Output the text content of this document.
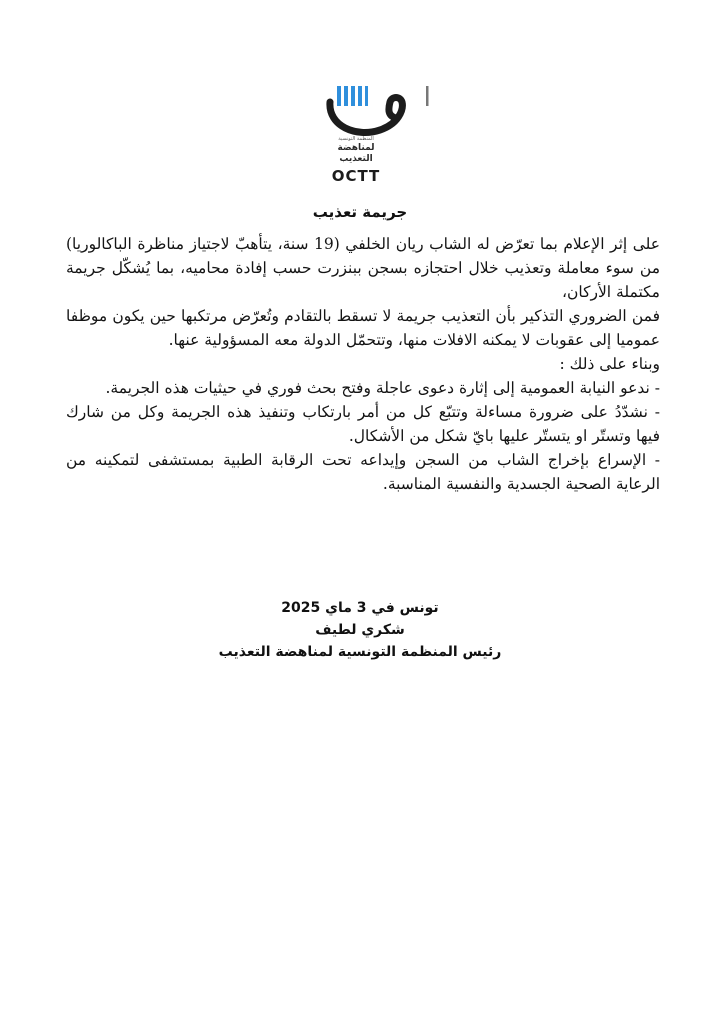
المنظمة التونسية
لمناهضة
التعذيب
OCTT
جريمة تعذيب

على إثر الإعلام بما تعرّض له الشاب ريان الخلفي (19 سنة، يتأهبّ لاجتياز مناظرة الباكالوريا) من سوء معاملة وتعذيب خلال احتجازه بسجن ببنزرت حسب إفادة محاميه، بما يُشكّل جريمة مكتملة الأركان،

فمن الضروري التذكير بأن التعذيب جريمة لا تسقط بالتقادم وتُعرّض مرتكبها حين يكون موظفا عموميا إلى عقوبات لا يمكنه الافلات منها، وتتحمّل الدولة معه المسؤولية عنها.

وبناء على ذلك :

- ندعو النيابة العمومية إلى إثارة دعوى عاجلة وفتح بحث فوري في حيثيات هذه الجريمة.

- نشدّدُ على ضرورة مساءلة وتتبّع كل من أمر بارتكاب وتنفيذ هذه الجريمة وكل من شارك فيها وتستّر او يتستّر عليها بايّ شكل من الأشكال.

- الإسراع بإخراج الشاب من السجن وإيداعه تحت الرقابة الطبية بمستشفى لتمكينه من الرعاية الصحية الجسدية والنفسية المناسبة.

تونس في 3 ماي 2025
شكري لطيف
رئيس المنظمة التونسية لمناهضة التعذيب
